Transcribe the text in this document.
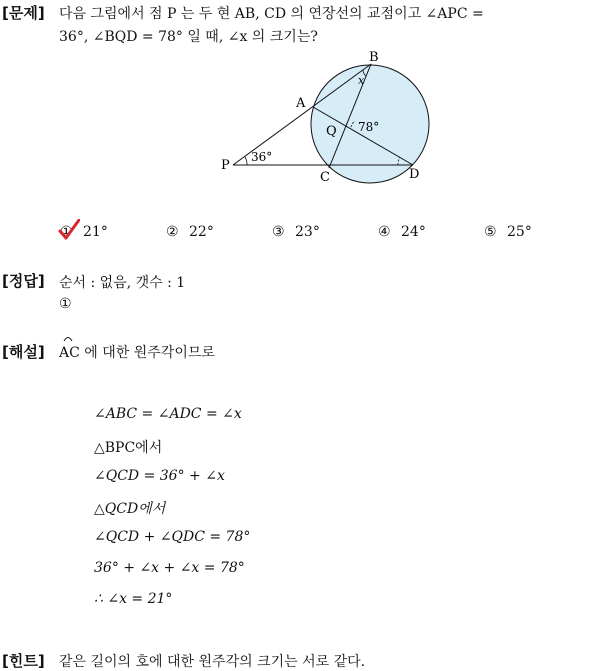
[문제] 다음 그림에서 점 P 는 두 현 AB, CD 의 연장선의 교점이고 ∠APC =
36°, ∠BQD = 78° 일 때, ∠x 의 크기는?
B
A
Q
P
C	D
x
36°
78°
① 21°	② 22°	③ 23°	④ 24°	⑤ 25°
[정답] 순서 : 없음, 갯수 : 1
①
[해설] AC 에 대한 원주각이므로
∠ABC = ∠ADC = ∠x
△BPC에서
∠QCD = 36° + ∠x
△QCD에서
∠QCD + ∠QDC = 78°
36° + ∠x + ∠x = 78°
∴ ∠x = 21°
[힌트] 같은 길이의 호에 대한 원주각의 크기는 서로 같다.
